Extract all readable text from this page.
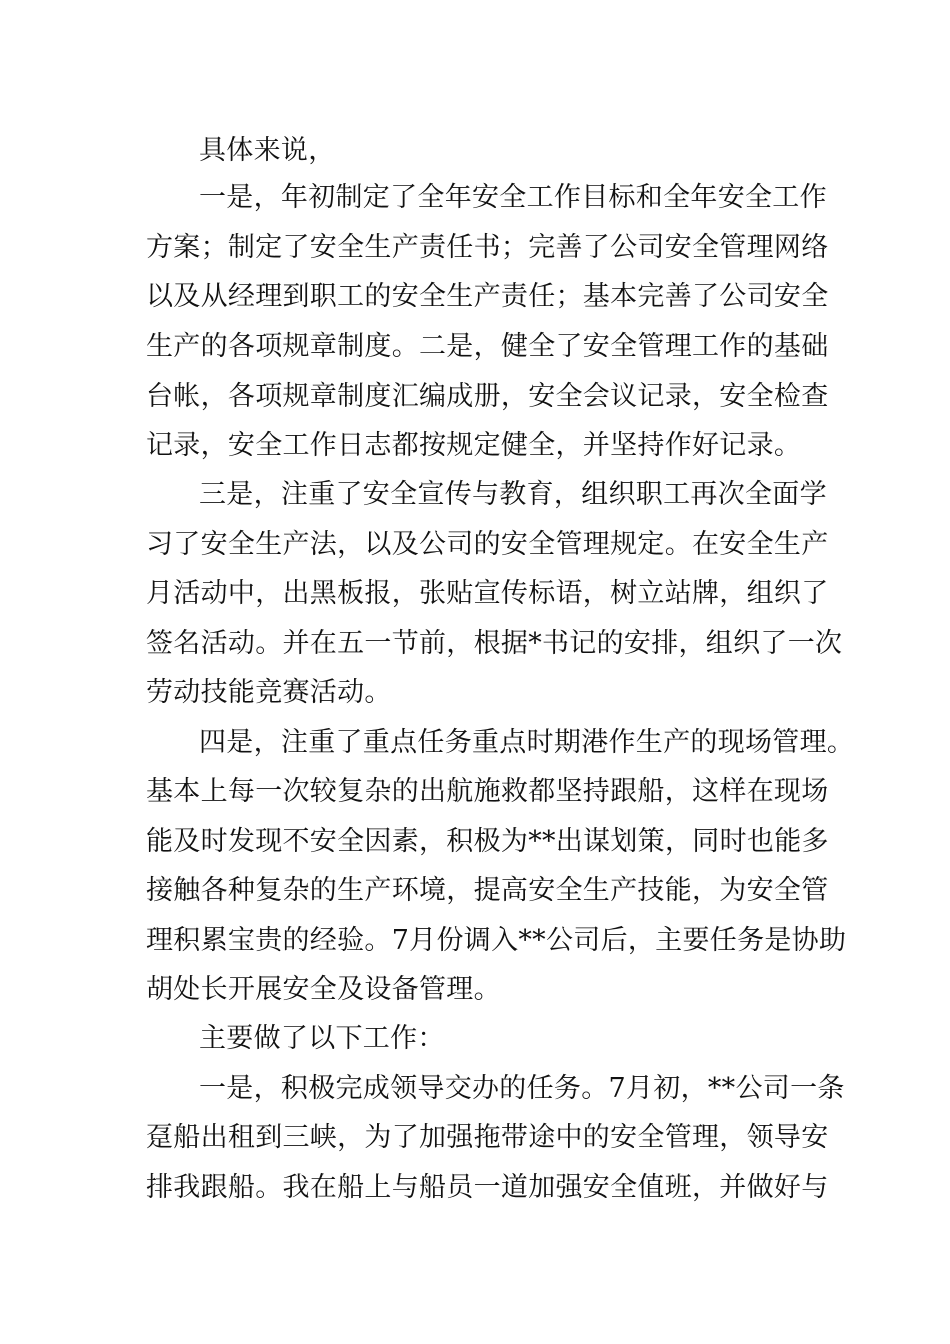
具体来说，
一是，年初制定了全年安全工作目标和全年安全工作
方案；制定了安全生产责任书；完善了公司安全管理网络
以及从经理到职工的安全生产责任；基本完善了公司安全
生产的各项规章制度。二是，健全了安全管理工作的基础
台帐，各项规章制度汇编成册，安全会议记录，安全检查
记录，安全工作日志都按规定健全，并坚持作好记录。
三是，注重了安全宣传与教育，组织职工再次全面学
习了安全生产法，以及公司的安全管理规定。在安全生产
月活动中，出黑板报，张贴宣传标语，树立站牌，组织了
签名活动。并在五一节前，根据*书记的安排，组织了一次
劳动技能竞赛活动。
四是，注重了重点任务重点时期港作生产的现场管理。
基本上每一次较复杂的出航施救都坚持跟船，这样在现场
能及时发现不安全因素，积极为**出谋划策，同时也能多
接触各种复杂的生产环境，提高安全生产技能，为安全管
理积累宝贵的经验。7月份调入**公司后，主要任务是协助
胡处长开展安全及设备管理。
主要做了以下工作：
一是，积极完成领导交办的任务。7月初，**公司一条
趸船出租到三峡，为了加强拖带途中的安全管理，领导安
排我跟船。我在船上与船员一道加强安全值班，并做好与
